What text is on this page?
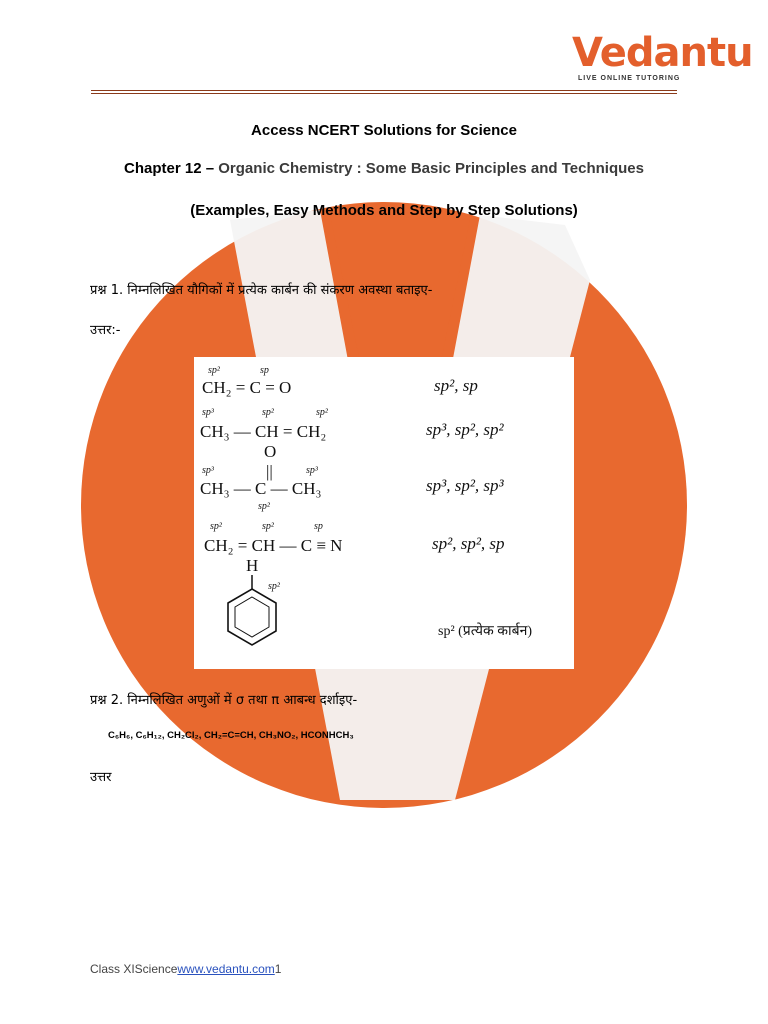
Vedantu
LIVE ONLINE TUTORING
Access NCERT Solutions for Science
Chapter 12 – Organic Chemistry : Some Basic Principles and Techniques
(Examples, Easy Methods and Step by Step Solutions)
प्रश्न 1. निम्नलिखित यौगिकों में प्रत्येक कार्बन की संकरण अवस्था बताइए-
उत्तर:-
sp²	sp
CH₂ = C = O	sp², sp
sp³	sp²	sp²
CH₃ — CH = CH₂	sp³, sp², sp²
O
||
sp³	sp³
CH₃ — C — CH₃
sp²
sp³, sp², sp³
sp²	sp²	sp
CH₂ = CH — C ≡ N	sp², sp², sp
H
sp²
sp² (प्रत्येक कार्बन)
प्रश्न 2. निम्नलिखित अणुओं में σ तथा π आबन्ध दर्शाइए-
C₆H₆, C₆H₁₂, CH₂Cl₂, CH₂=C=CH, CH₃NO₂, HCONHCH₃
उत्तर
Class XISciencewww.vedantu.com1
